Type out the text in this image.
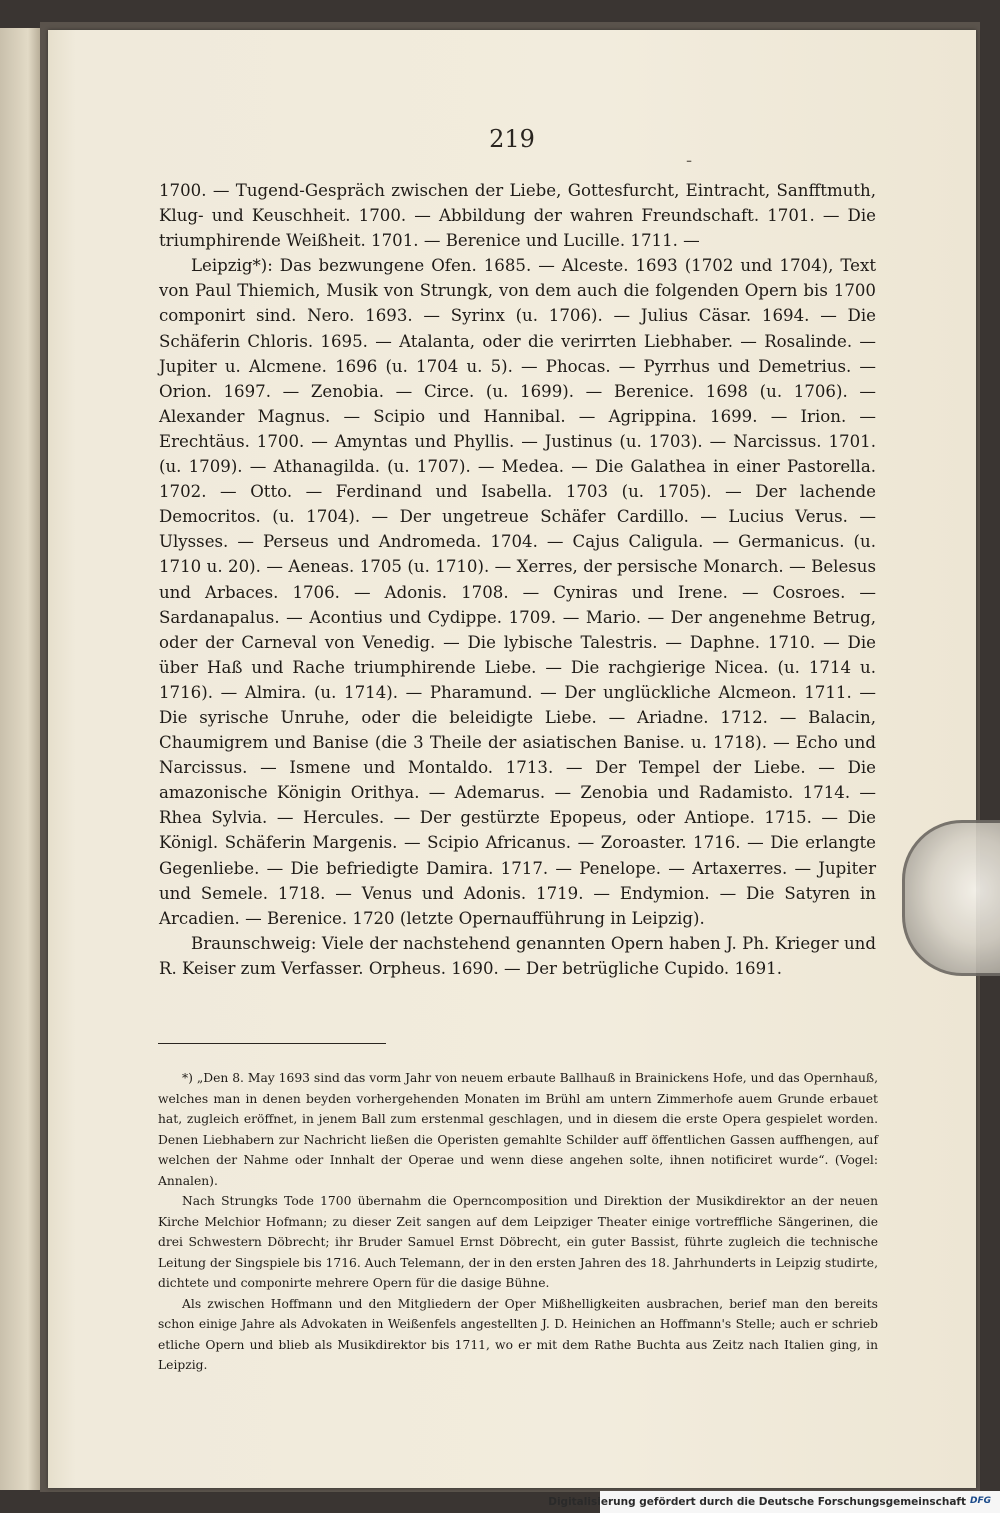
219
-

1700. — Tugend-Gespräch zwischen der Liebe, Gottesfurcht, Eintracht, Sanfftmuth, Klug- und Keuschheit. 1700. — Abbildung der wahren Freundschaft. 1701. — Die triumphirende Weißheit. 1701. — Berenice und Lucille. 1711. —

Leipzig*): Das bezwungene Ofen. 1685. — Alceste. 1693 (1702 und 1704), Text von Paul Thiemich, Musik von Strungk, von dem auch die folgenden Opern bis 1700 componirt sind. Nero. 1693. — Syrinx (u. 1706). — Julius Cäsar. 1694. — Die Schäferin Chloris. 1695. — Atalanta, oder die verirrten Liebhaber. — Rosalinde. — Jupiter u. Alcmene. 1696 (u. 1704 u. 5). — Phocas. — Pyrrhus und Demetrius. — Orion. 1697. — Zenobia. — Circe. (u. 1699). — Berenice. 1698 (u. 1706). — Alexander Magnus. — Scipio und Hannibal. — Agrippina. 1699. — Irion. — Erechtäus. 1700. — Amyntas und Phyllis. — Justinus (u. 1703). — Narcissus. 1701. (u. 1709). — Athanagilda. (u. 1707). — Medea. — Die Galathea in einer Pastorella. 1702. — Otto. — Ferdinand und Isabella. 1703 (u. 1705). — Der lachende Democritos. (u. 1704). — Der ungetreue Schäfer Cardillo. — Lucius Verus. — Ulysses. — Perseus und Andromeda. 1704. — Cajus Caligula. — Germanicus. (u. 1710 u. 20). — Aeneas. 1705 (u. 1710). — Xerres, der persische Monarch. — Belesus und Arbaces. 1706. — Adonis. 1708. — Cyniras und Irene. — Cosroes. — Sardanapalus. — Acontius und Cydippe. 1709. — Mario. — Der angenehme Betrug, oder der Carneval von Venedig. — Die lybische Talestris. — Daphne. 1710. — Die über Haß und Rache triumphirende Liebe. — Die rachgierige Nicea. (u. 1714 u. 1716). — Almira. (u. 1714). — Pharamund. — Der unglückliche Alcmeon. 1711. — Die syrische Unruhe, oder die beleidigte Liebe. — Ariadne. 1712. — Balacin, Chaumigrem und Banise (die 3 Theile der asiatischen Banise. u. 1718). — Echo und Narcissus. — Ismene und Montaldo. 1713. — Der Tempel der Liebe. — Die amazonische Königin Orithya. — Ademarus. — Zenobia und Radamisto. 1714. — Rhea Sylvia. — Hercules. — Der gestürzte Epopeus, oder Antiope. 1715. — Die Königl. Schäferin Margenis. — Scipio Africanus. — Zoroaster. 1716. — Die erlangte Gegenliebe. — Die befriedigte Damira. 1717. — Penelope. — Artaxerres. — Jupiter und Semele. 1718. — Venus und Adonis. 1719. — Endymion. — Die Satyren in Arcadien. — Berenice. 1720 (letzte Opernaufführung in Leipzig).

Braunschweig: Viele der nachstehend genannten Opern haben J. Ph. Krieger und R. Keiser zum Verfasser. Orpheus. 1690. — Der betrügliche Cupido. 1691.

*) „Den 8. May 1693 sind das vorm Jahr von neuem erbaute Ballhauß in Brainickens Hofe, und das Opernhauß, welches man in denen beyden vorhergehenden Monaten im Brühl am untern Zimmerhofe auem Grunde erbauet hat, zugleich eröffnet, in jenem Ball zum erstenmal geschlagen, und in diesem die erste Opera gespielet worden. Denen Liebhabern zur Nachricht ließen die Operisten gemahlte Schilder auff öffentlichen Gassen auffhengen, auf welchen der Nahme oder Innhalt der Operae und wenn diese angehen solte, ihnen notificiret wurde“. (Vogel: Annalen).

Nach Strungks Tode 1700 übernahm die Operncomposition und Direktion der Musikdirektor an der neuen Kirche Melchior Hofmann; zu dieser Zeit sangen auf dem Leipziger Theater einige vortreffliche Sängerinen, die drei Schwestern Döbrecht; ihr Bruder Samuel Ernst Döbrecht, ein guter Bassist, führte zugleich die technische Leitung der Singspiele bis 1716. Auch Telemann, der in den ersten Jahren des 18. Jahrhunderts in Leipzig studirte, dichtete und componirte mehrere Opern für die dasige Bühne.

Als zwischen Hoffmann und den Mitgliedern der Oper Mißhelligkeiten ausbrachen, berief man den bereits schon einige Jahre als Advokaten in Weißenfels angestellten J. D. Heinichen an Hoffmann's Stelle; auch er schrieb etliche Opern und blieb als Musikdirektor bis 1711, wo er mit dem Rathe Buchta aus Zeitz nach Italien ging, in Leipzig.

Digitalisierung gefördert durch die Deutsche Forschungsgemeinschaft DFG
